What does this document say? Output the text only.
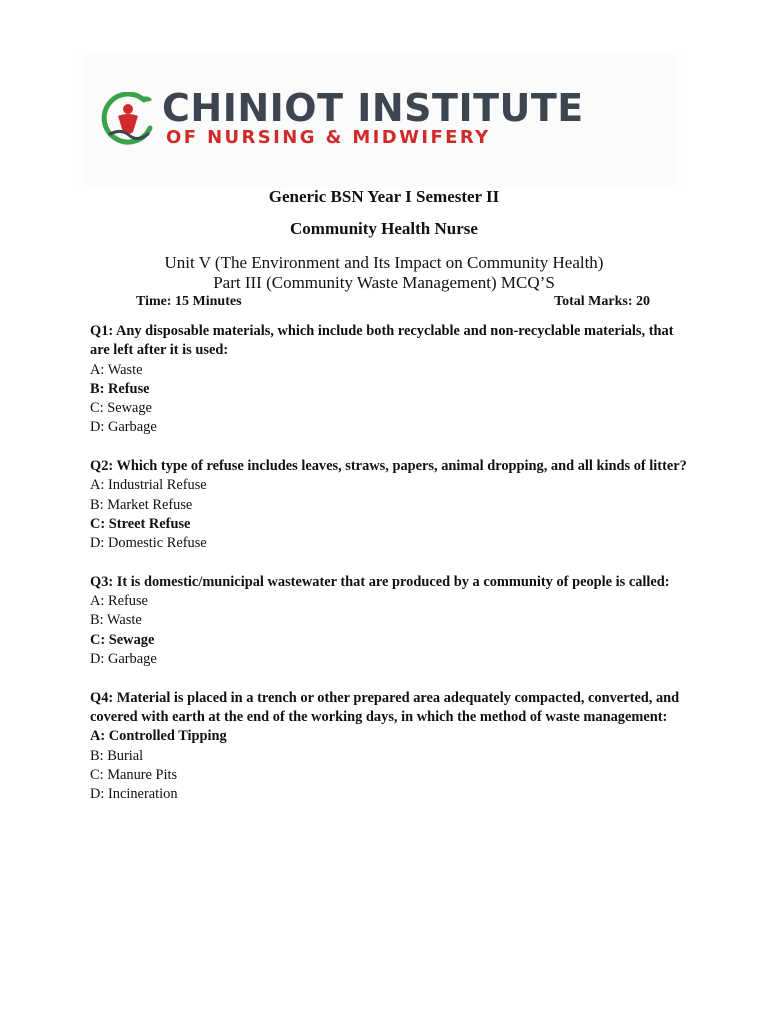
CHINIOT INSTITUTE
OF NURSING & MIDWIFERY
Generic BSN Year I Semester II
Community Health Nurse
Unit V (The Environment and Its Impact on Community Health)
Part III (Community Waste Management) MCQ’S
Time: 15 Minutes	Total Marks: 20
Q1: Any disposable materials, which include both recyclable and non-recyclable materials, that are left after it is used:
A: Waste
B: Refuse
C: Sewage
D: Garbage
Q2: Which type of refuse includes leaves, straws, papers, animal dropping, and all kinds of litter?
A: Industrial Refuse
B: Market Refuse
C: Street Refuse
D: Domestic Refuse
Q3: It is domestic/municipal wastewater that are produced by a community of people is called:
A: Refuse
B: Waste
C: Sewage
D: Garbage
Q4: Material is placed in a trench or other prepared area adequately compacted, converted, and covered with earth at the end of the working days, in which the method of waste management:
A: Controlled Tipping
B: Burial
C: Manure Pits
D: Incineration
